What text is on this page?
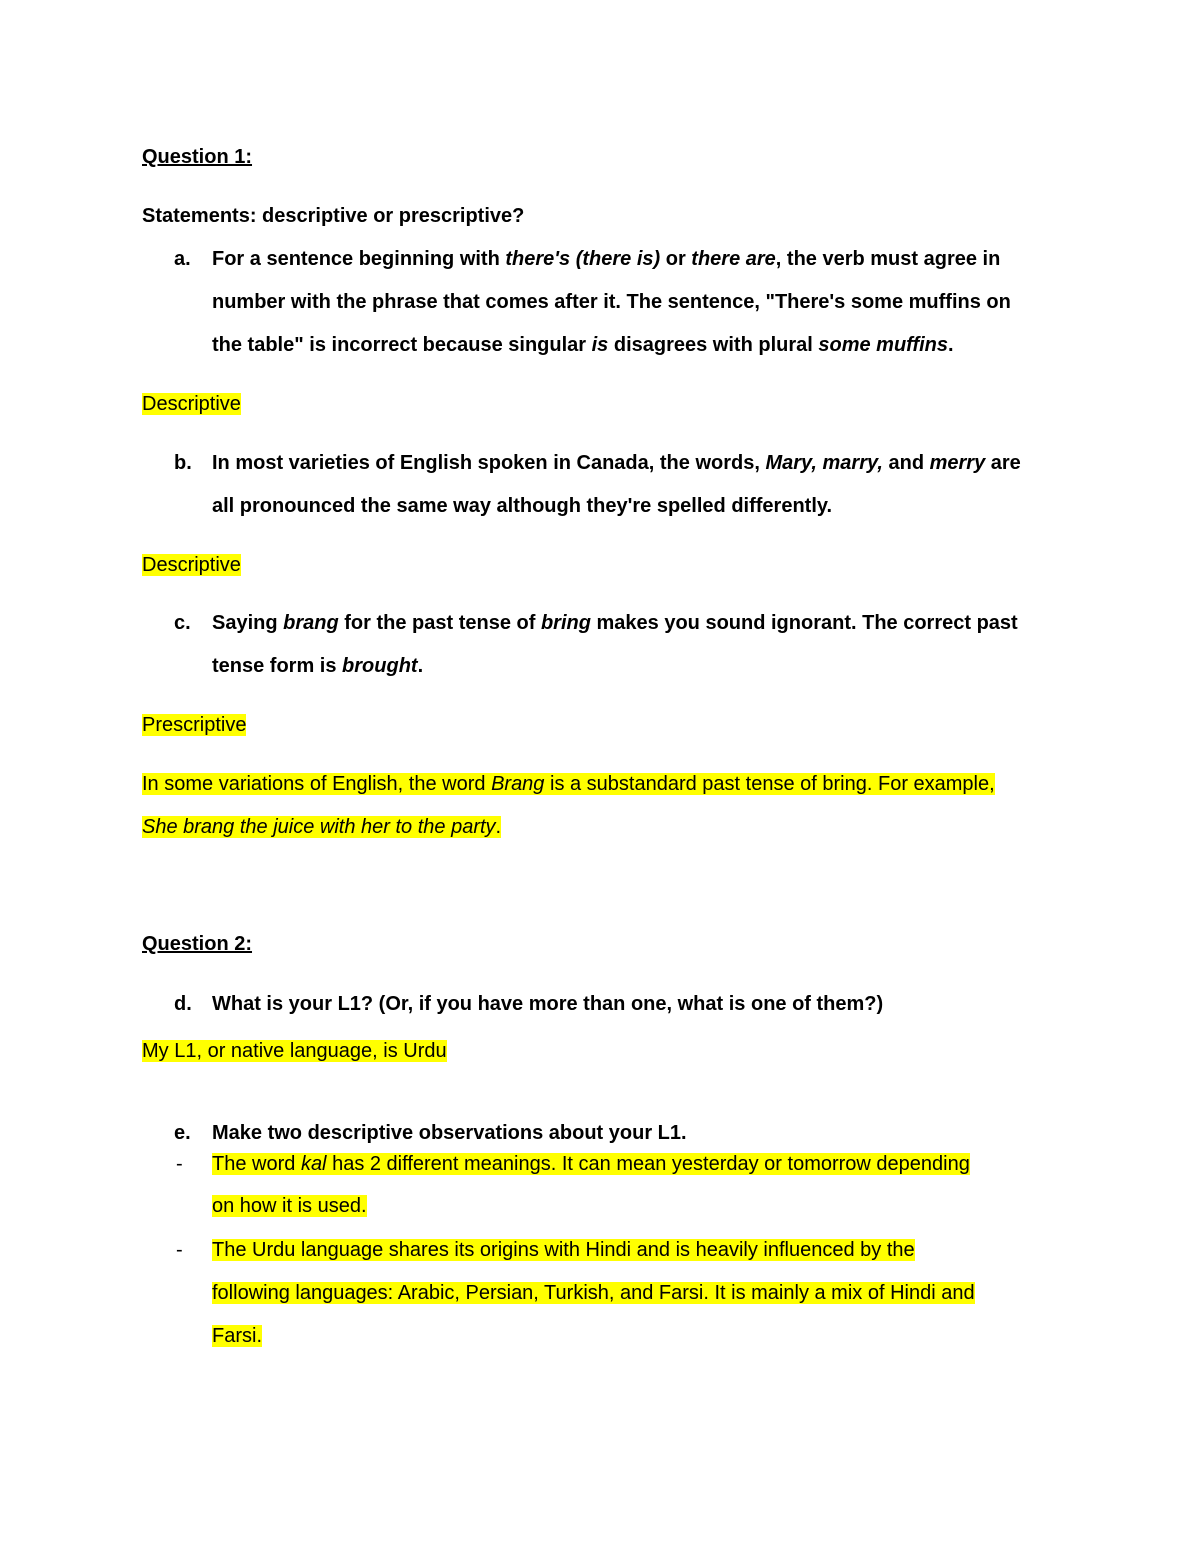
Question 1:
Statements: descriptive or prescriptive?
a.	For a sentence beginning with there's (there is) or there are, the verb must agree in
number with the phrase that comes after it. The sentence, "There's some muffins on
the table" is incorrect because singular is disagrees with plural some muffins.
Descriptive
b.	In most varieties of English spoken in Canada, the words, Mary, marry, and merry are
all pronounced the same way although they're spelled differently.
Descriptive
c.	Saying brang for the past tense of bring makes you sound ignorant. The correct past
tense form is brought.
Prescriptive
In some variations of English, the word Brang is a substandard past tense of bring. For example,
She brang the juice with her to the party.
Question 2:
d.	What is your L1? (Or, if you have more than one, what is one of them?)
My L1, or native language, is Urdu
e.	Make two descriptive observations about your L1.
-	The word kal has 2 different meanings. It can mean yesterday or tomorrow depending
on how it is used.
-	The Urdu language shares its origins with Hindi and is heavily influenced by the
following languages: Arabic, Persian, Turkish, and Farsi. It is mainly a mix of Hindi and
Farsi.
